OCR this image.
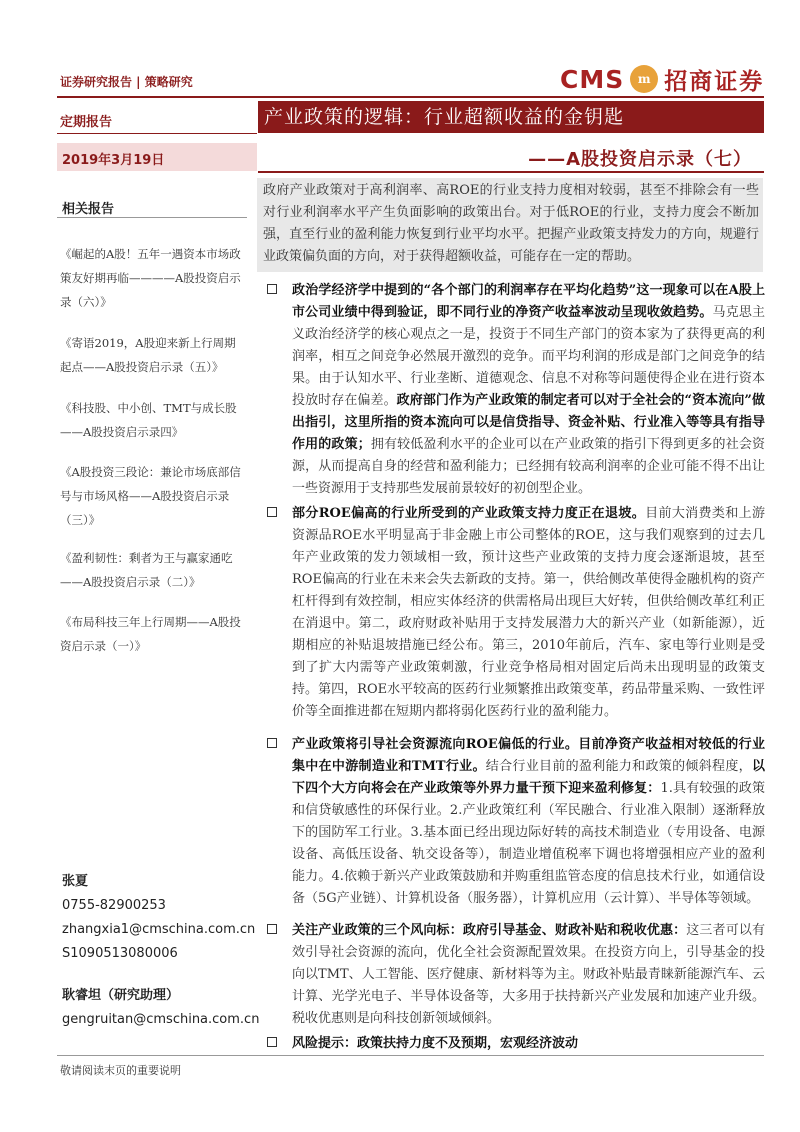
证券研究报告 | 策略研究	CMS	m 招商证券
定期报告	产业政策的逻辑：行业超额收益的金钥匙
2019年3月19日	——A股投资启示录（七）
相关报告
《崛起的A股！五年一遇资本市场政策友好期再临————A股投资启示录（六）》
《寄语2019，A股迎来新上行周期起点——A股投资启示录（五）》
《科技股、中小创、TMT与成长股——A股投资启示录四》
《A股投资三段论：兼论市场底部信号与市场风格——A股投资启示录（三）》
《盈利韧性：剩者为王与赢家通吃——A股投资启示录（二）》
《布局科技三年上行周期——A股投资启示录（一）》
政府产业政策对于高利润率、高ROE的行业支持力度相对较弱，甚至不排除会有一些对行业利润率水平产生负面影响的政策出台。对于低ROE的行业，支持力度会不断加强，直至行业的盈利能力恢复到行业平均水平。把握产业政策支持发力的方向，规避行业政策偏负面的方向，对于获得超额收益，可能存在一定的帮助。
政治学经济学中提到的“各个部门的利润率存在平均化趋势”这一现象可以在A股上市公司业绩中得到验证，即不同行业的净资产收益率波动呈现收敛趋势。马克思主义政治经济学的核心观点之一是，投资于不同生产部门的资本家为了获得更高的利润率，相互之间竞争必然展开激烈的竞争。而平均利润的形成是部门之间竞争的结果。由于认知水平、行业垄断、道德观念、信息不对称等问题使得企业在进行资本投放时存在偏差。政府部门作为产业政策的制定者可以对于全社会的“资本流向”做出指引，这里所指的资本流向可以是信贷指导、资金补贴、行业准入等等具有指导作用的政策；拥有较低盈利水平的企业可以在产业政策的指引下得到更多的社会资源，从而提高自身的经营和盈利能力；已经拥有较高利润率的企业可能不得不出让一些资源用于支持那些发展前景较好的初创型企业。
部分ROE偏高的行业所受到的产业政策支持力度正在退坡。目前大消费类和上游资源品ROE水平明显高于非金融上市公司整体的ROE，这与我们观察到的过去几年产业政策的发力领域相一致，预计这些产业政策的支持力度会逐渐退坡，甚至ROE偏高的行业在未来会失去新政的支持。第一，供给侧改革使得金融机构的资产杠杆得到有效控制，相应实体经济的供需格局出现巨大好转，但供给侧改革红利正在消退中。第二，政府财政补贴用于支持发展潜力大的新兴产业（如新能源），近期相应的补贴退坡措施已经公布。第三，2010年前后，汽车、家电等行业则是受到了扩大内需等产业政策刺激，行业竞争格局相对固定后尚未出现明显的政策支持。第四，ROE水平较高的医药行业频繁推出政策变革，药品带量采购、一致性评价等全面推进都在短期内都将弱化医药行业的盈利能力。
产业政策将引导社会资源流向ROE偏低的行业。目前净资产收益相对较低的行业集中在中游制造业和TMT行业。结合行业目前的盈利能力和政策的倾斜程度，以下四个大方向将会在产业政策等外界力量干预下迎来盈利修复：1.具有较强的政策和信贷敏感性的环保行业。2.产业政策红利（军民融合、行业准入限制）逐渐释放下的国防军工行业。3.基本面已经出现边际好转的高技术制造业（专用设备、电源设备、高低压设备、轨交设备等），制造业增值税率下调也将增强相应产业的盈利能力。4.依赖于新兴产业政策鼓励和并购重组监管态度的信息技术行业，如通信设备（5G产业链）、计算机设备（服务器），计算机应用（云计算）、半导体等领域。
关注产业政策的三个风向标：政府引导基金、财政补贴和税收优惠：这三者可以有效引导社会资源的流向，优化全社会资源配置效果。在投资方向上，引导基金的投向以TMT、人工智能、医疗健康、新材料等为主。财政补贴最青睐新能源汽车、云计算、光学光电子、半导体设备等，大多用于扶持新兴产业发展和加速产业升级。税收优惠则是向科技创新领域倾斜。
风险提示：政策扶持力度不及预期，宏观经济波动
张夏
0755-82900253
zhangxia1@cmschina.com.cn
S1090513080006
耿睿坦（研究助理）
gengruitan@cmschina.com.cn
敬请阅读末页的重要说明
